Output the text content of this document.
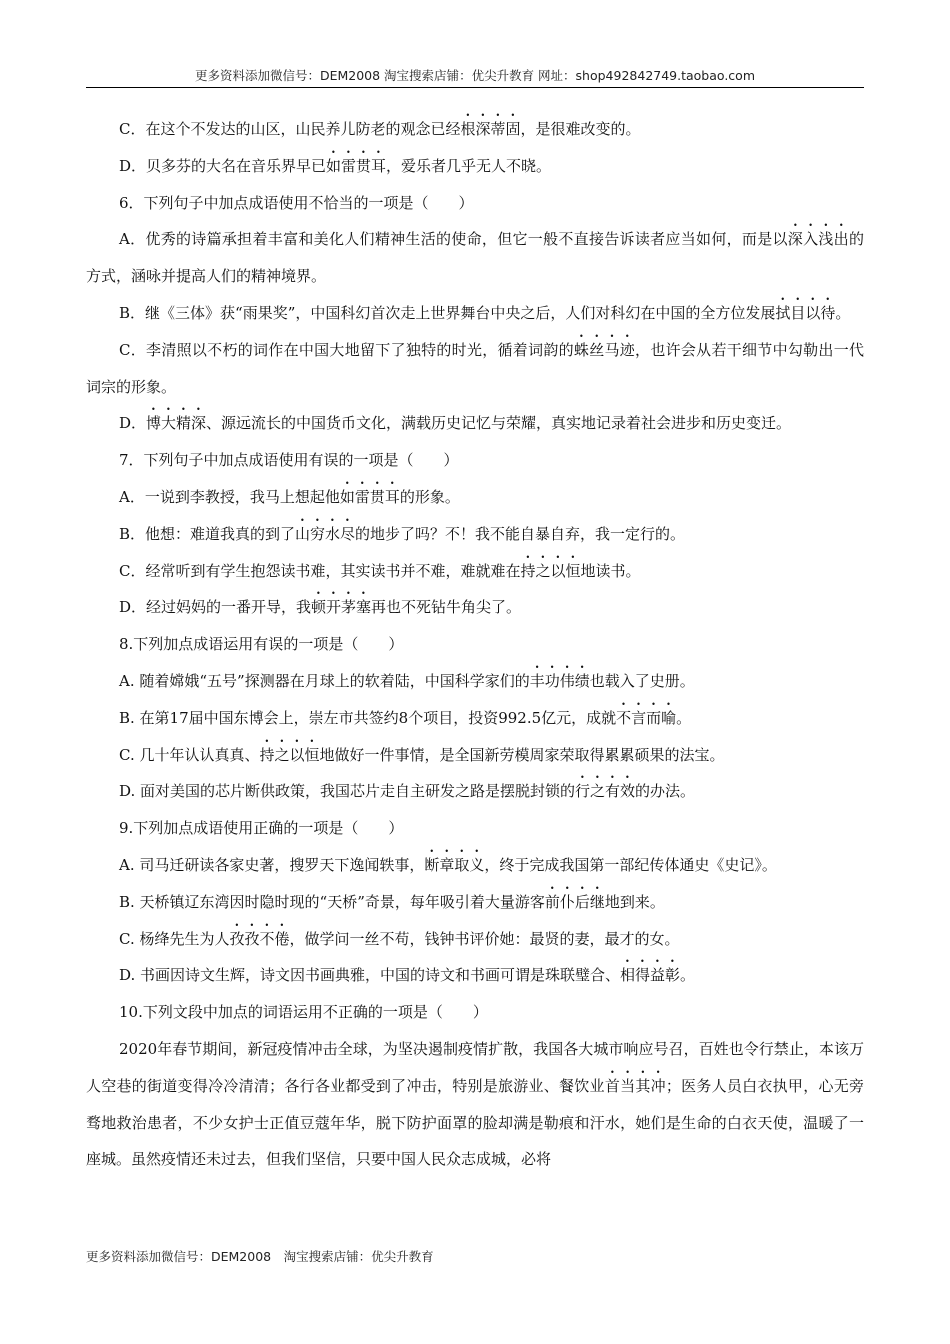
更多资料添加微信号：DEM2008 淘宝搜索店铺：优尖升教育 网址：shop492842749.taobao.com

C．在这个不发达的山区，山民养儿防老的观念已经根深蒂固，是很难改变的。

D．贝多芬的大名在音乐界早已如雷贯耳，爱乐者几乎无人不晓。

6．下列句子中加点成语使用不恰当的一项是（　　）

A．优秀的诗篇承担着丰富和美化人们精神生活的使命，但它一般不直接告诉读者应当如何，而是以深入浅出的方式，涵咏并提高人们的精神境界。

B．继《三体》获“雨果奖”，中国科幻首次走上世界舞台中央之后，人们对科幻在中国的全方位发展拭目以待。

C．李清照以不朽的词作在中国大地留下了独特的时光，循着词韵的蛛丝马迹，也许会从若干细节中勾勒出一代词宗的形象。

D．博大精深、源远流长的中国货币文化，满载历史记忆与荣耀，真实地记录着社会进步和历史变迁。

7．下列句子中加点成语使用有误的一项是（　　）

A．一说到李教授，我马上想起他如雷贯耳的形象。

B．他想：难道我真的到了山穷水尽的地步了吗？不！我不能自暴自弃，我一定行的。

C．经常听到有学生抱怨读书难，其实读书并不难，难就难在持之以恒地读书。

D．经过妈妈的一番开导，我顿开茅塞再也不死钻牛角尖了。

8.下列加点成语运用有误的一项是（　　）

A. 随着嫦娥“五号”探测器在月球上的软着陆，中国科学家们的丰功伟绩也载入了史册。

B. 在第17届中国东博会上，崇左市共签约8个项目，投资992.5亿元，成就不言而喻。

C. 几十年认认真真、持之以恒地做好一件事情，是全国新劳模周家荣取得累累硕果的法宝。

D. 面对美国的芯片断供政策，我国芯片走自主研发之路是摆脱封锁的行之有效的办法。

9.下列加点成语使用正确的一项是（　　）

A. 司马迁研读各家史著，搜罗天下逸闻轶事，断章取义，终于完成我国第一部纪传体通史《史记》。

B. 天桥镇辽东湾因时隐时现的“天桥”奇景，每年吸引着大量游客前仆后继地到来。

C. 杨绛先生为人孜孜不倦，做学问一丝不苟，钱钟书评价她：最贤的妻，最才的女。

D. 书画因诗文生辉，诗文因书画典雅，中国的诗文和书画可谓是珠联璧合、相得益彰。

10.下列文段中加点的词语运用不正确的一项是（　　）

2020年春节期间，新冠疫情冲击全球，为坚决遏制疫情扩散，我国各大城市响应号召，百姓也令行禁止，本该万人空巷的街道变得冷冷清清；各行各业都受到了冲击，特别是旅游业、餐饮业首当其冲；医务人员白衣执甲，心无旁骛地救治患者，不少女护士正值豆蔻年华，脱下防护面罩的脸却满是勒痕和汗水，她们是生命的白衣天使，温暖了一座城。虽然疫情还未过去，但我们坚信，只要中国人民众志成城，必将

更多资料添加微信号：DEM2008　淘宝搜索店铺：优尖升教育
